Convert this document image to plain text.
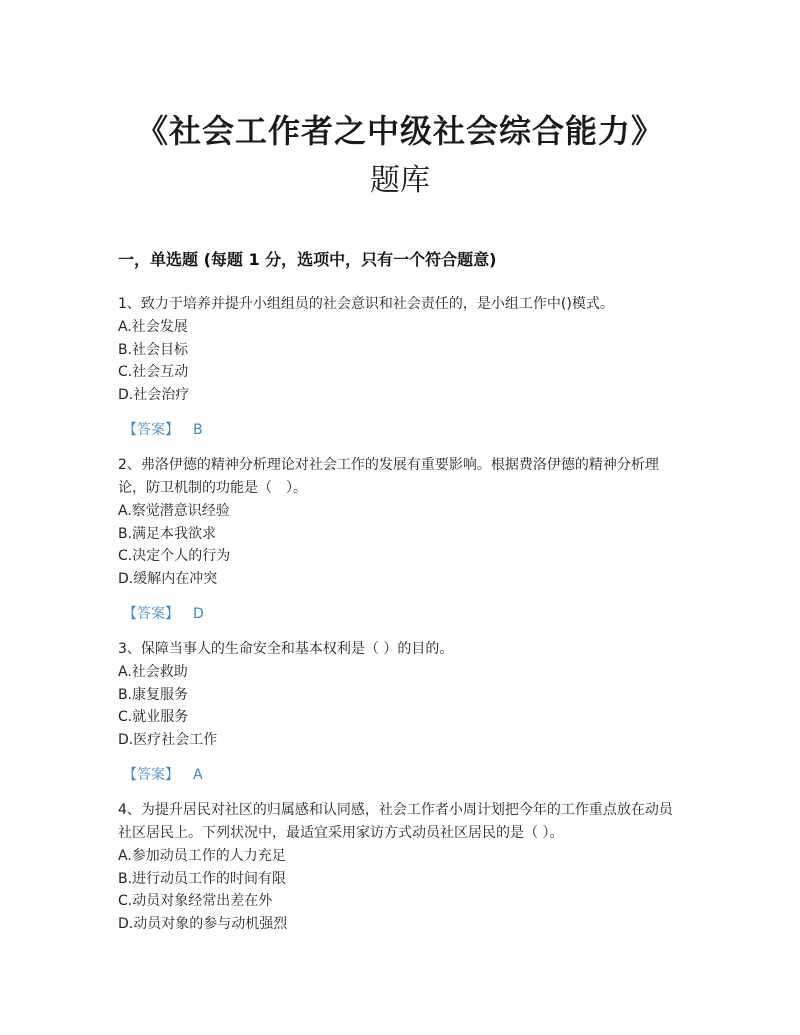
《社会工作者之中级社会综合能力》
题库
一，单选题 (每题 1 分，选项中，只有一个符合题意)
1、致力于培养并提升小组组员的社会意识和社会责任的，是小组工作中()模式。
A.社会发展
B.社会目标
C.社会互动
D.社会治疗
【答案】 B
2、弗洛伊德的精神分析理论对社会工作的发展有重要影响。根据费洛伊德的精神分析理论，防卫机制的功能是（　）。
A.察觉潜意识经验
B.满足本我欲求
C.决定个人的行为
D.缓解内在冲突
【答案】 D
3、保障当事人的生命安全和基本权利是（ ）的目的。
A.社会救助
B.康复服务
C.就业服务
D.医疗社会工作
【答案】 A
4、为提升居民对社区的归属感和认同感，社会工作者小周计划把今年的工作重点放在动员社区居民上。下列状况中，最适宜采用家访方式动员社区居民的是（ ）。
A.参加动员工作的人力充足
B.进行动员工作的时间有限
C.动员对象经常出差在外
D.动员对象的参与动机强烈
